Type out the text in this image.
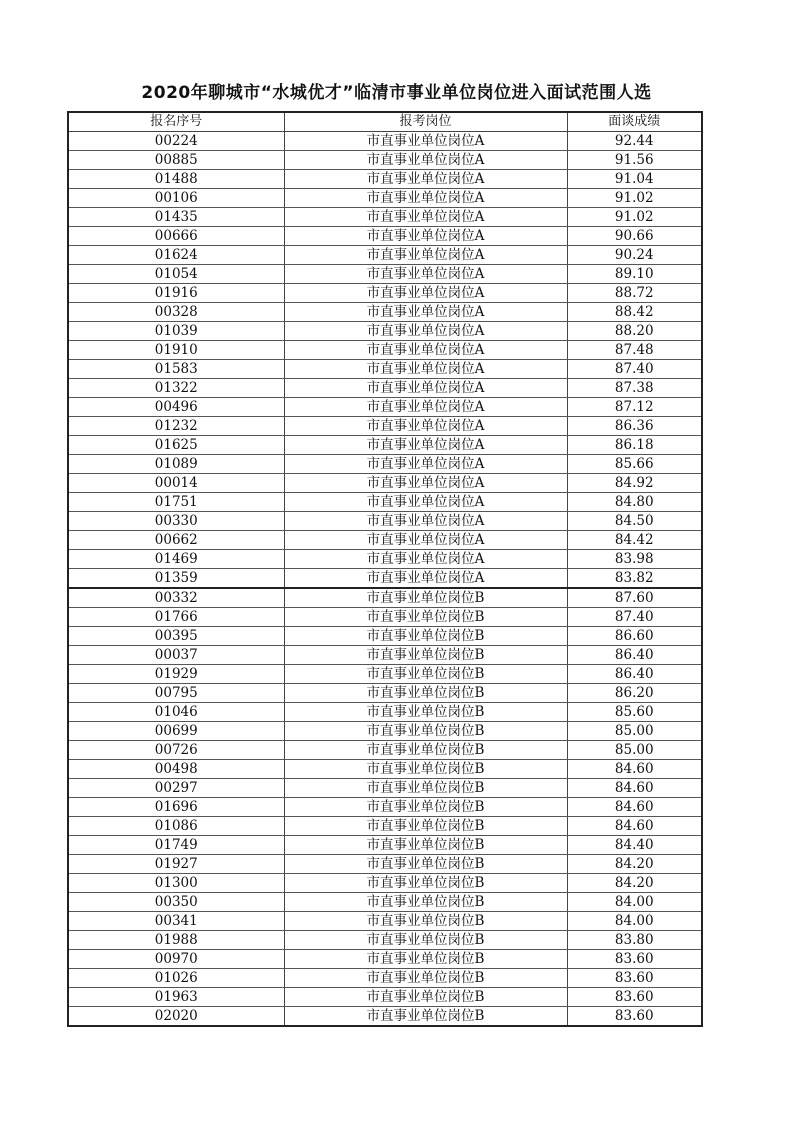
2020年聊城市“水城优才”临清市事业单位岗位进入面试范围人选
报名序号	报考岗位	面谈成绩
00224	市直事业单位岗位A	92.44
00885	市直事业单位岗位A	91.56
01488	市直事业单位岗位A	91.04
00106	市直事业单位岗位A	91.02
01435	市直事业单位岗位A	91.02
00666	市直事业单位岗位A	90.66
01624	市直事业单位岗位A	90.24
01054	市直事业单位岗位A	89.10
01916	市直事业单位岗位A	88.72
00328	市直事业单位岗位A	88.42
01039	市直事业单位岗位A	88.20
01910	市直事业单位岗位A	87.48
01583	市直事业单位岗位A	87.40
01322	市直事业单位岗位A	87.38
00496	市直事业单位岗位A	87.12
01232	市直事业单位岗位A	86.36
01625	市直事业单位岗位A	86.18
01089	市直事业单位岗位A	85.66
00014	市直事业单位岗位A	84.92
01751	市直事业单位岗位A	84.80
00330	市直事业单位岗位A	84.50
00662	市直事业单位岗位A	84.42
01469	市直事业单位岗位A	83.98
01359	市直事业单位岗位A	83.82
00332	市直事业单位岗位B	87.60
01766	市直事业单位岗位B	87.40
00395	市直事业单位岗位B	86.60
00037	市直事业单位岗位B	86.40
01929	市直事业单位岗位B	86.40
00795	市直事业单位岗位B	86.20
01046	市直事业单位岗位B	85.60
00699	市直事业单位岗位B	85.00
00726	市直事业单位岗位B	85.00
00498	市直事业单位岗位B	84.60
00297	市直事业单位岗位B	84.60
01696	市直事业单位岗位B	84.60
01086	市直事业单位岗位B	84.60
01749	市直事业单位岗位B	84.40
01927	市直事业单位岗位B	84.20
01300	市直事业单位岗位B	84.20
00350	市直事业单位岗位B	84.00
00341	市直事业单位岗位B	84.00
01988	市直事业单位岗位B	83.80
00970	市直事业单位岗位B	83.60
01026	市直事业单位岗位B	83.60
01963	市直事业单位岗位B	83.60
02020	市直事业单位岗位B	83.60
